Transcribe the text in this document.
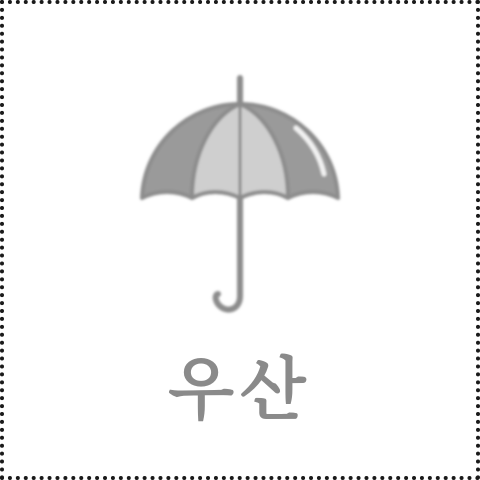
우산
